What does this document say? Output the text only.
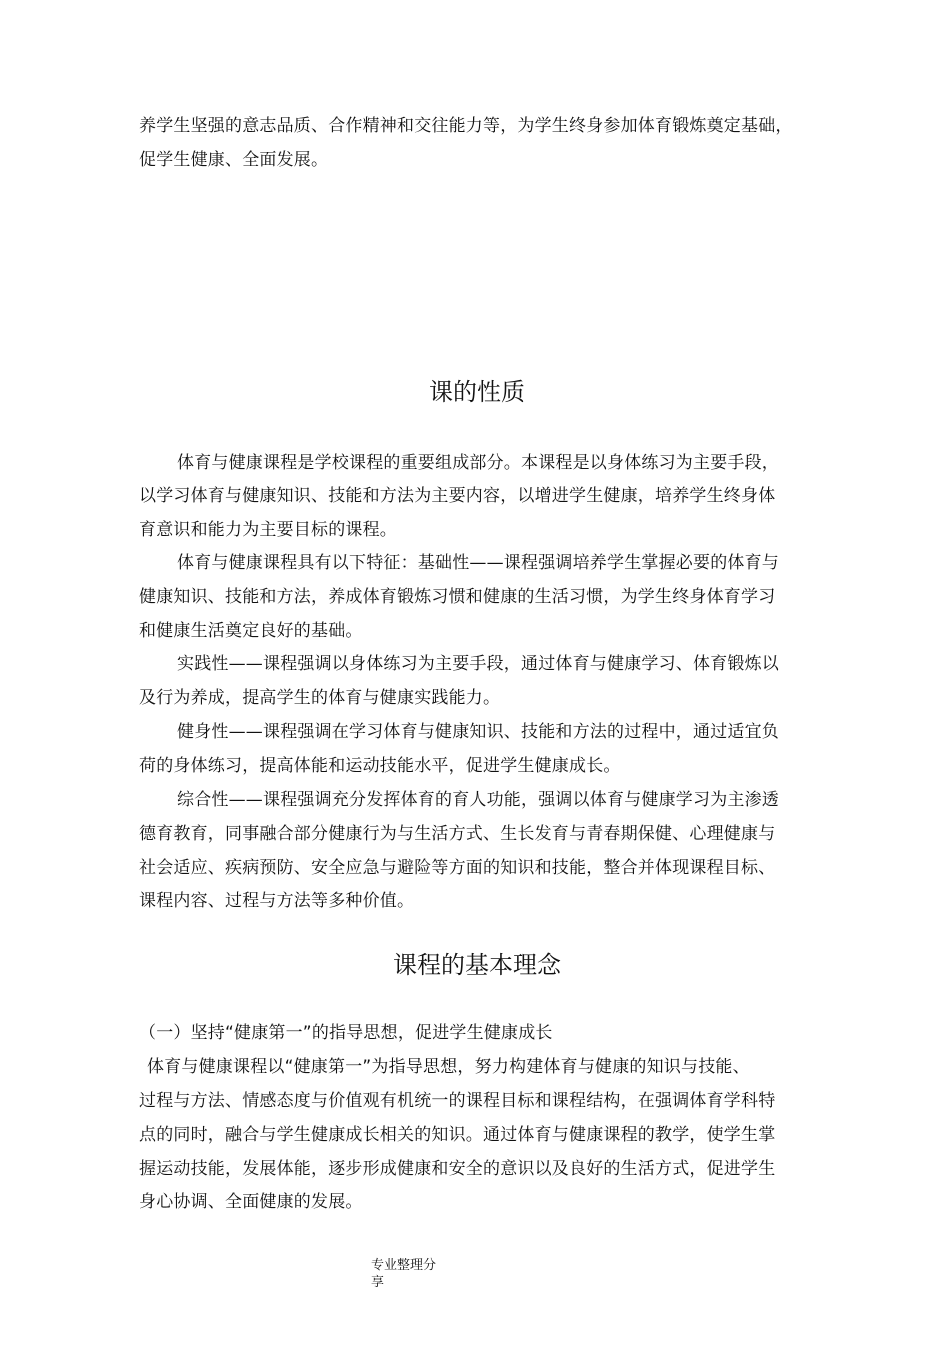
养学生坚强的意志品质、合作精神和交往能力等，为学生终身参加体育锻炼奠定基础，
促学生健康、全面发展。
课的性质
体育与健康课程是学校课程的重要组成部分。本课程是以身体练习为主要手段，
以学习体育与健康知识、技能和方法为主要内容，以增进学生健康，培养学生终身体
育意识和能力为主要目标的课程。
体育与健康课程具有以下特征：基础性——课程强调培养学生掌握必要的体育与
健康知识、技能和方法，养成体育锻炼习惯和健康的生活习惯，为学生终身体育学习
和健康生活奠定良好的基础。
实践性——课程强调以身体练习为主要手段，通过体育与健康学习、体育锻炼以
及行为养成，提高学生的体育与健康实践能力。
健身性——课程强调在学习体育与健康知识、技能和方法的过程中，通过适宜负
荷的身体练习，提高体能和运动技能水平，促进学生健康成长。
综合性——课程强调充分发挥体育的育人功能，强调以体育与健康学习为主渗透
德育教育，同事融合部分健康行为与生活方式、生长发育与青春期保健、心理健康与
社会适应、疾病预防、安全应急与避险等方面的知识和技能，整合并体现课程目标、
课程内容、过程与方法等多种价值。
课程的基本理念
（一）坚持“健康第一”的指导思想，促进学生健康成长
体育与健康课程以“健康第一”为指导思想，努力构建体育与健康的知识与技能、
过程与方法、情感态度与价值观有机统一的课程目标和课程结构，在强调体育学科特
点的同时，融合与学生健康成长相关的知识。通过体育与健康课程的教学，使学生掌
握运动技能，发展体能，逐步形成健康和安全的意识以及良好的生活方式，促进学生
身心协调、全面健康的发展。
专业整理分
享
